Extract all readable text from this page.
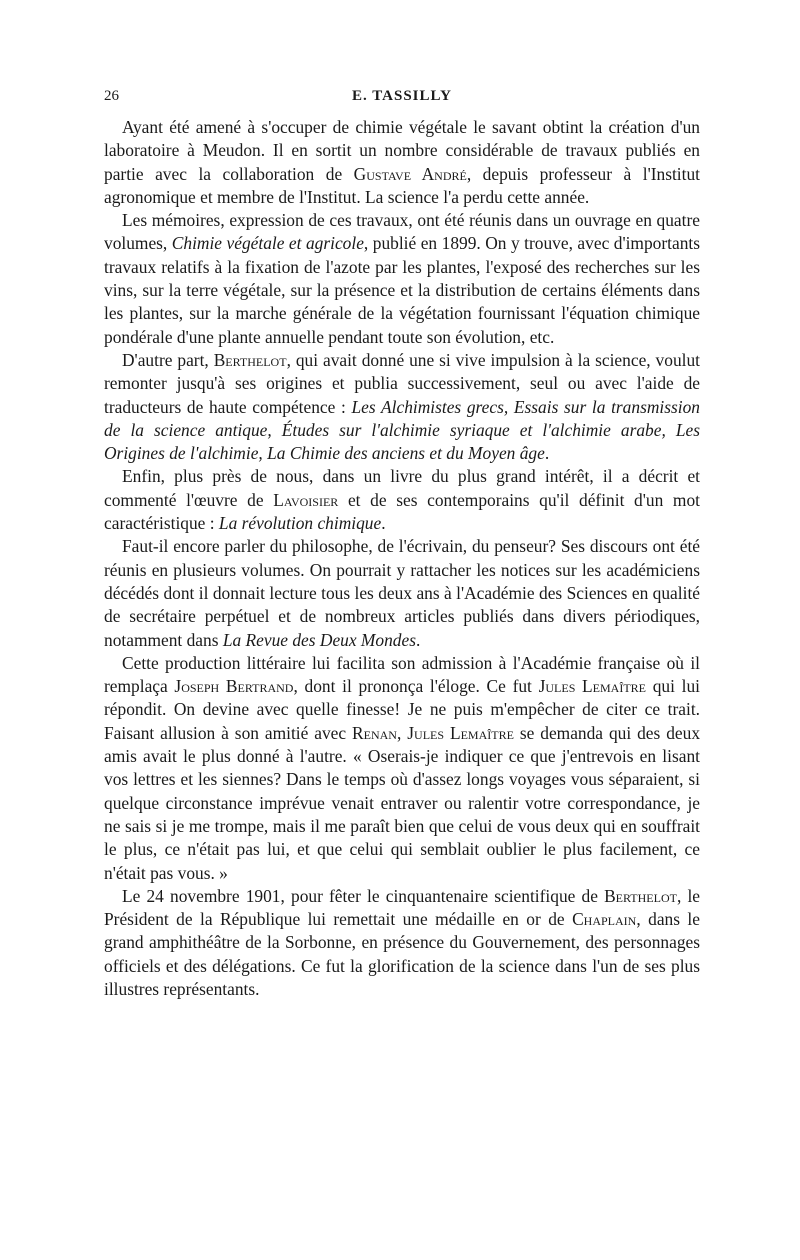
26	E. TASSILLY

Ayant été amené à s'occuper de chimie végétale le savant obtint la création d'un laboratoire à Meudon. Il en sortit un nombre considérable de travaux publiés en partie avec la collaboration de Gustave André, depuis professeur à l'Institut agronomique et membre de l'Institut. La science l'a perdu cette année.

Les mémoires, expression de ces travaux, ont été réunis dans un ouvrage en quatre volumes, Chimie végétale et agricole, publié en 1899. On y trouve, avec d'importants travaux relatifs à la fixation de l'azote par les plantes, l'exposé des recherches sur les vins, sur la terre végétale, sur la présence et la distribution de certains éléments dans les plantes, sur la marche générale de la végétation fournissant l'équation chimique pondérale d'une plante annuelle pendant toute son évolution, etc.

D'autre part, Berthelot, qui avait donné une si vive impulsion à la science, voulut remonter jusqu'à ses origines et publia successivement, seul ou avec l'aide de traducteurs de haute compétence : Les Alchimistes grecs, Essais sur la transmission de la science antique, Études sur l'alchimie syriaque et l'alchimie arabe, Les Origines de l'alchimie, La Chimie des anciens et du Moyen âge.

Enfin, plus près de nous, dans un livre du plus grand intérêt, il a décrit et commenté l'œuvre de Lavoisier et de ses contemporains qu'il définit d'un mot caractéristique : La révolution chimique.

Faut-il encore parler du philosophe, de l'écrivain, du penseur? Ses discours ont été réunis en plusieurs volumes. On pourrait y rattacher les notices sur les académiciens décédés dont il donnait lecture tous les deux ans à l'Académie des Sciences en qualité de secrétaire perpétuel et de nombreux articles publiés dans divers périodiques, notamment dans La Revue des Deux Mondes.

Cette production littéraire lui facilita son admission à l'Académie française où il remplaça Joseph Bertrand, dont il prononça l'éloge. Ce fut Jules Lemaître qui lui répondit. On devine avec quelle finesse! Je ne puis m'empêcher de citer ce trait. Faisant allusion à son amitié avec Renan, Jules Lemaître se demanda qui des deux amis avait le plus donné à l'autre. « Oserais-je indiquer ce que j'entrevois en lisant vos lettres et les siennes? Dans le temps où d'assez longs voyages vous séparaient, si quelque circonstance imprévue venait entraver ou ralentir votre correspondance, je ne sais si je me trompe, mais il me paraît bien que celui de vous deux qui en souffrait le plus, ce n'était pas lui, et que celui qui semblait oublier le plus facilement, ce n'était pas vous. »

Le 24 novembre 1901, pour fêter le cinquantenaire scientifique de Berthelot, le Président de la République lui remettait une médaille en or de Chaplain, dans le grand amphithéâtre de la Sorbonne, en présence du Gouvernement, des personnages officiels et des délégations. Ce fut la glorification de la science dans l'un de ses plus illustres représentants.
